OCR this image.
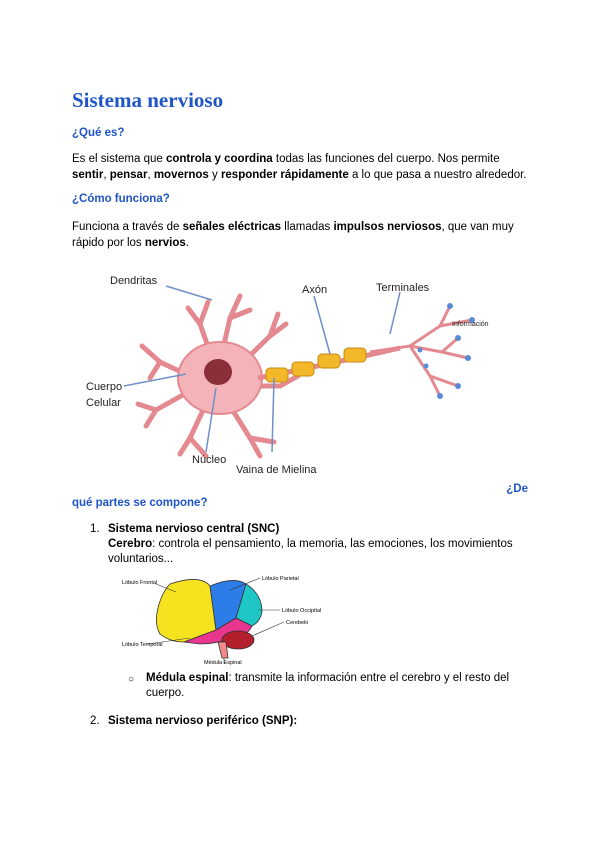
Sistema nervioso
¿Qué es?

Es el sistema que controla y coordina todas las funciones del cuerpo. Nos permite sentir, pensar, movernos y responder rápidamente a lo que pasa a nuestro alrededor.

¿Cómo funciona?

Funciona a través de señales eléctricas llamadas impulsos nerviosos, que van muy rápido por los nervios.

Dendritas
Axón	Terminales
Información
Cuerpo
Celular
Núcleo
Vaina de Mielina
¿De
qué partes se compone?
1. Sistema nervioso central (SNC)
Cerebro: controla el pensamiento, la memoria, las emociones, los movimientos voluntarios...
Lóbulo Frontal
Lóbulo Parietal
Lóbulo Occipital
Cerebelo
Lóbulo Temporal
Médula Espinal
○ Médula espinal: transmite la información entre el cerebro y el resto del cuerpo.
2. Sistema nervioso periférico (SNP):
